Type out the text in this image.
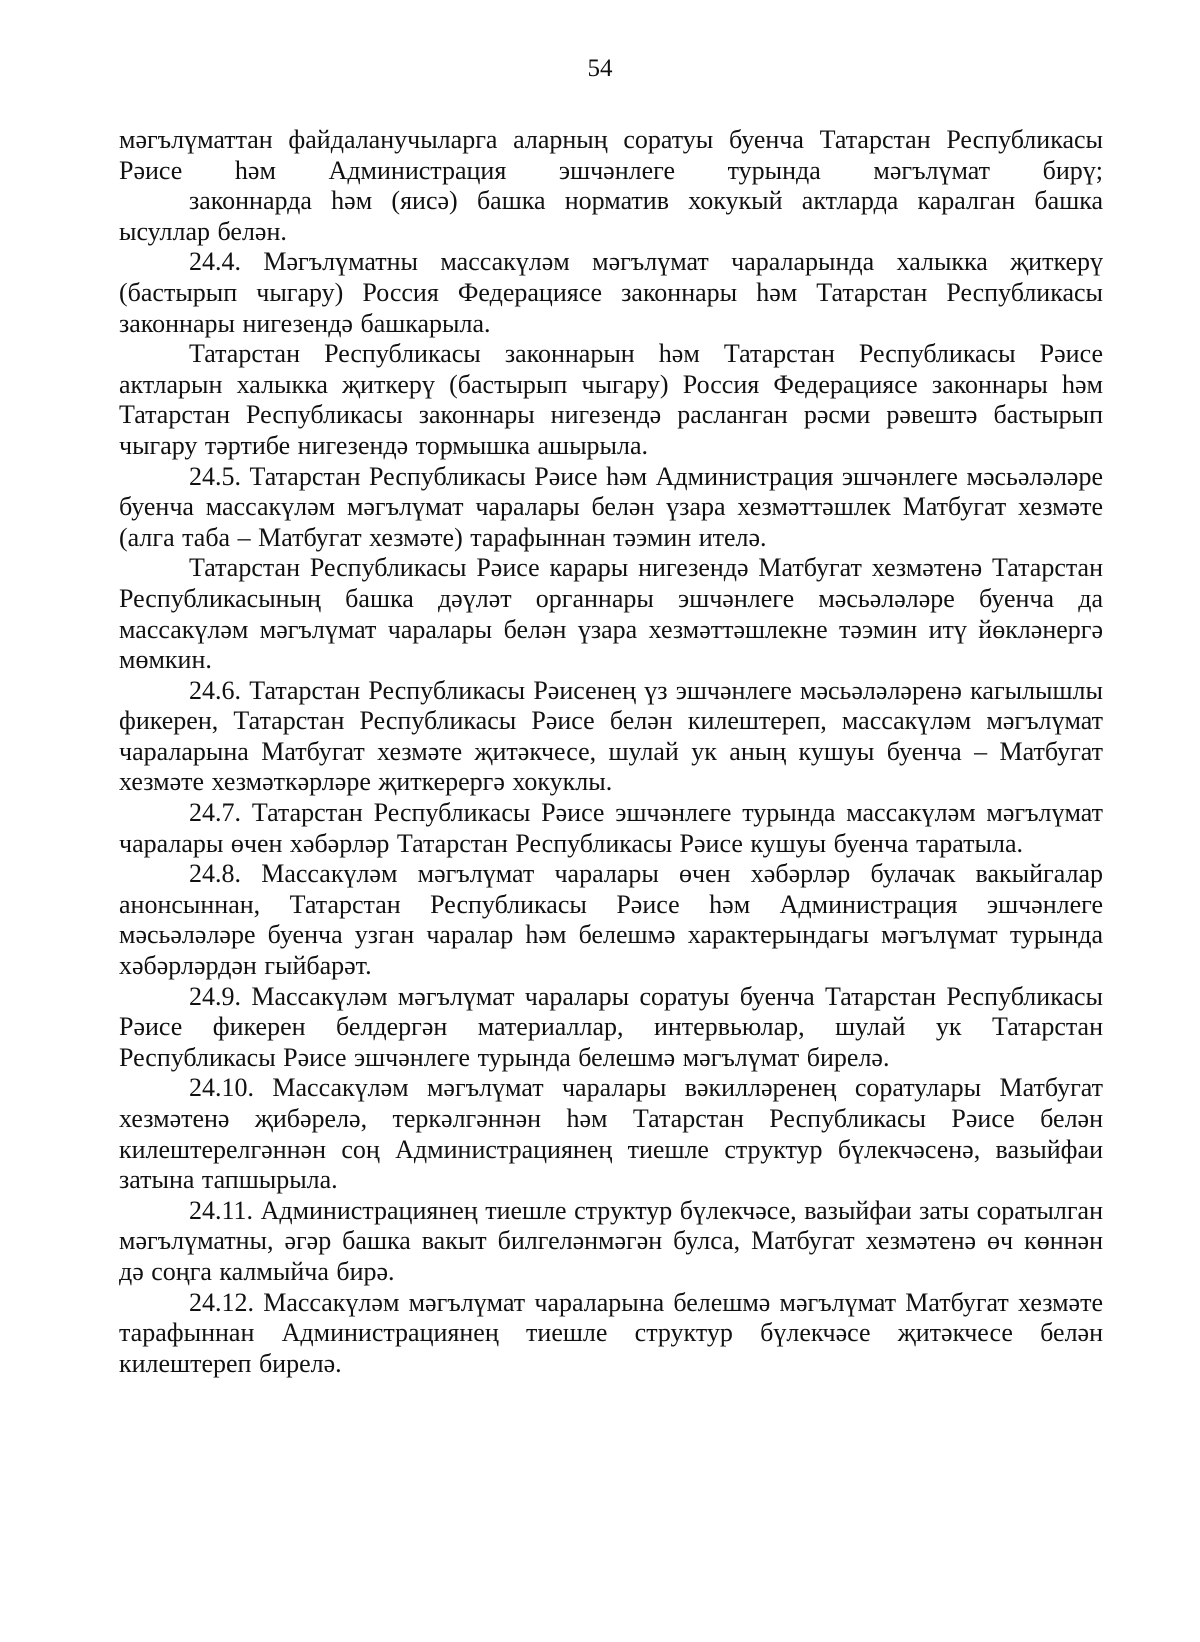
54

мәгълүматтан файдаланучыларга аларның соратуы буенча Татарстан Республикасы Рәисе һәм Администрация эшчәнлеге турында мәгълүмат бирү;

законнарда һәм (яисә) башка норматив хокукый актларда каралган башка ысуллар белән.

24.4. Мәгълүматны массакүләм мәгълүмат чараларында халыкка җиткерү (бастырып чыгару) Россия Федерациясе законнары һәм Татарстан Республикасы законнары нигезендә башкарыла.

Татарстан Республикасы законнарын һәм Татарстан Республикасы Рәисе актларын халыкка җиткерү (бастырып чыгару) Россия Федерациясе законнары һәм Татарстан Республикасы законнары нигезендә расланган рәсми рәвештә бастырып чыгару тәртибе нигезендә тормышка ашырыла.

24.5. Татарстан Республикасы Рәисе һәм Администрация эшчәнлеге мәсьәләләре буенча массакүләм мәгълүмат чаралары белән үзара хезмәттәшлек Матбугат хезмәте (алга таба – Матбугат хезмәте) тарафыннан тәэмин ителә.

Татарстан Республикасы Рәисе карары нигезендә Матбугат хезмәтенә Татарстан Республикасының башка дәүләт органнары эшчәнлеге мәсьәләләре буенча да массакүләм мәгълүмат чаралары белән үзара хезмәттәшлекне тәэмин итү йөкләнергә мөмкин.

24.6. Татарстан Республикасы Рәисенең үз эшчәнлеге мәсьәләләренә кагылышлы фикерен, Татарстан Республикасы Рәисе белән килештереп, массакүләм мәгълүмат чараларына Матбугат хезмәте җитәкчесе, шулай ук аның кушуы буенча – Матбугат хезмәте хезмәткәрләре җиткерергә хокуклы.

24.7. Татарстан Республикасы Рәисе эшчәнлеге турында массакүләм мәгълүмат чаралары өчен хәбәрләр Татарстан Республикасы Рәисе кушуы буенча таратыла.

24.8. Массакүләм мәгълүмат чаралары өчен хәбәрләр булачак вакыйгалар анонсыннан, Татарстан Республикасы Рәисе һәм Администрация эшчәнлеге мәсьәләләре буенча узган чаралар һәм белешмә характерындагы мәгълүмат турында хәбәрләрдән гыйбарәт.

24.9. Массакүләм мәгълүмат чаралары соратуы буенча Татарстан Республикасы Рәисе фикерен белдергән материаллар, интервьюлар, шулай ук Татарстан Республикасы Рәисе эшчәнлеге турында белешмә мәгълүмат бирелә.

24.10. Массакүләм мәгълүмат чаралары вәкилләренең соратулары Матбугат хезмәтенә җибәрелә, теркәлгәннән һәм Татарстан Республикасы Рәисе белән килештерелгәннән соң Администрациянең тиешле структур бүлекчәсенә, вазыйфаи затына тапшырыла.

24.11. Администрациянең тиешле структур бүлекчәсе, вазыйфаи заты соратылган мәгълүматны, әгәр башка вакыт билгеләнмәгән булса, Матбугат хезмәтенә өч көннән дә соңга калмыйча бирә.

24.12. Массакүләм мәгълүмат чараларына белешмә мәгълүмат Матбугат хезмәте тарафыннан Администрациянең тиешле структур бүлекчәсе җитәкчесе белән килештереп бирелә.
